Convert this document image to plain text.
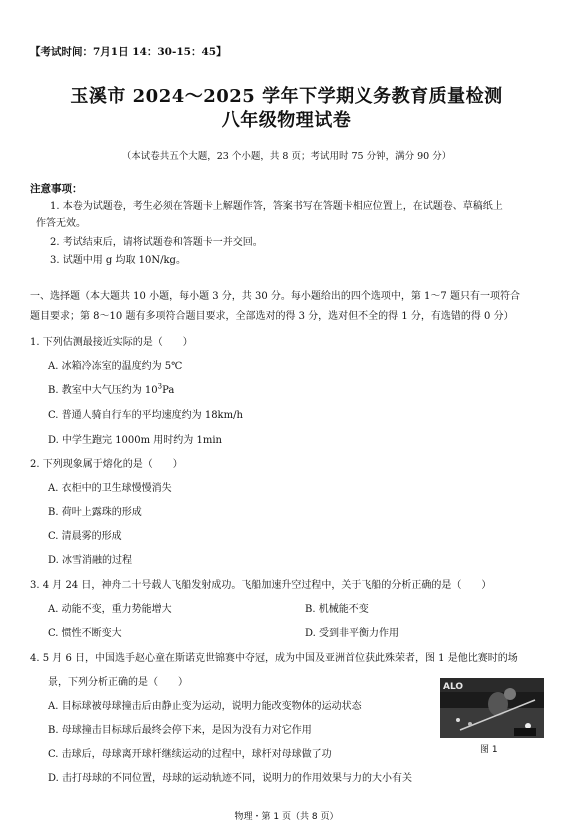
【考试时间：7月1日 14：30-15：45】
玉溪市 2024～2025 学年下学期义务教育质量检测
八年级物理试卷
（本试卷共五个大题，23 个小题，共 8 页；考试用时 75 分钟，满分 90 分）
注意事项：
1. 本卷为试题卷，考生必须在答题卡上解题作答，答案书写在答题卡相应位置上，在试题卷、草稿纸上
作答无效。
2. 考试结束后，请将试题卷和答题卡一并交回。
3. 试题中用 g 均取 10N/kg。
一、选择题（本大题共 10 小题，每小题 3 分，共 30 分。每小题给出的四个选项中，第 1～7 题只有一项符合
题目要求；第 8～10 题有多项符合题目要求，全部选对的得 3 分，选对但不全的得 1 分，有选错的得 0 分）
1. 下列估测最接近实际的是（　　）
A. 冰箱冷冻室的温度约为 5℃
B. 教室中大气压约为 $10^3Pa$
C. 普通人骑自行车的平均速度约为 18km/h
D. 中学生跑完 1000m 用时约为 1min
2. 下列现象属于熔化的是（　　）
A. 衣柜中的卫生球慢慢消失
B. 荷叶上露珠的形成
C. 清晨雾的形成
D. 冰雪消融的过程
3. 4 月 24 日，神舟二十号载人飞船发射成功。飞船加速升空过程中，关于飞船的分析正确的是（　　）
A. 动能不变，重力势能增大	B. 机械能不变
C. 惯性不断变大	D. 受到非平衡力作用
4. 5 月 6 日，中国选手赵心童在斯诺克世锦赛中夺冠，成为中国及亚洲首位获此殊荣者，图 1 是他比赛时的场
景，下列分析正确的是（　　）
A. 目标球被母球撞击后由静止变为运动，说明力能改变物体的运动状态
B. 母球撞击目标球后最终会停下来，是因为没有力对它作用
C. 击球后，母球离开球杆继续运动的过程中，球杆对母球做了功
D. 击打母球的不同位置，母球的运动轨迹不同，说明力的作用效果与力的大小有关
ALO
图 1
物理・第 1 页（共 8 页）
